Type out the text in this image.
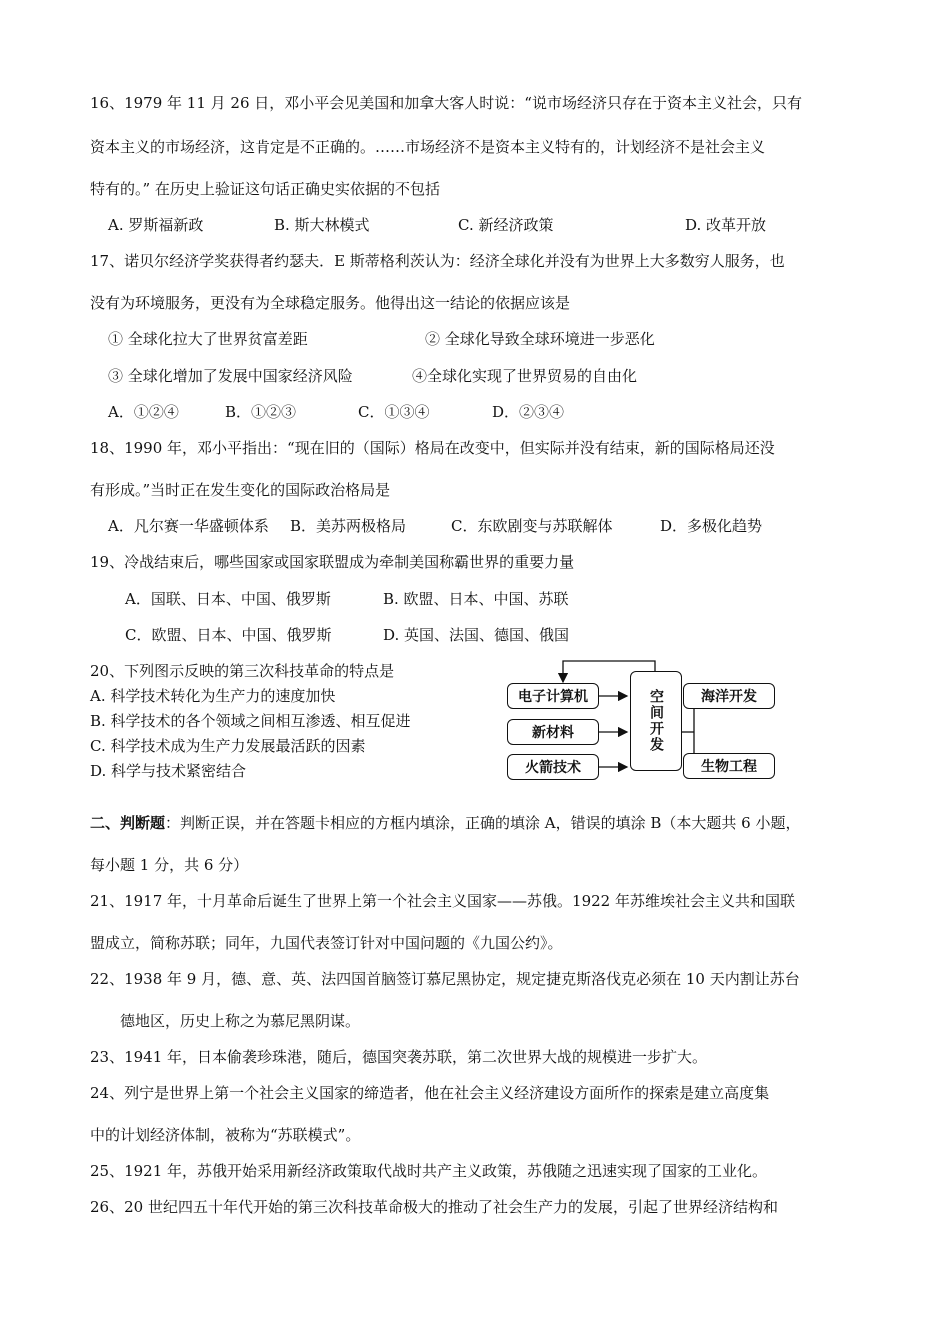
16、1979 年 11 月 26 日，邓小平会见美国和加拿大客人时说：“说市场经济只存在于资本主义社会，只有
资本主义的市场经济，这肯定是不正确的。……市场经济不是资本主义特有的，计划经济不是社会主义
特有的。” 在历史上验证这句话正确史实依据的不包括
A. 罗斯福新政	B. 斯大林模式	C. 新经济政策	D. 改革开放
17、诺贝尔经济学奖获得者约瑟夫．E 斯蒂格利茨认为：经济全球化并没有为世界上大多数穷人服务，也
没有为环境服务，更没有为全球稳定服务。他得出这一结论的依据应该是
① 全球化拉大了世界贫富差距	② 全球化导致全球环境进一步恶化
③ 全球化增加了发展中国家经济风险	④全球化实现了世界贸易的自由化
A．①②④	B．①②③	C．①③④	D．②③④
18、1990 年，邓小平指出：“现在旧的（国际）格局在改变中，但实际并没有结束，新的国际格局还没
有形成。”当时正在发生变化的国际政治格局是
A．凡尔赛一华盛顿体系 B．美苏两极格局	C．东欧剧变与苏联解体	D．多极化趋势
19、冷战结束后，哪些国家或国家联盟成为牵制美国称霸世界的重要力量
A．国联、日本、中国、俄罗斯	B. 欧盟、日本、中国、苏联
C．欧盟、日本、中国、俄罗斯	D. 英国、法国、德国、俄国
20、下列图示反映的第三次科技革命的特点是
A. 科学技术转化为生产力的速度加快
B. 科学技术的各个领域之间相互渗透、相互促进
C. 科学技术成为生产力发展最活跃的因素
D. 科学与技术紧密结合
电子计算机
新材料
火箭技术
空间开发	海洋开发
生物工程
二、判断题：判断正误，并在答题卡相应的方框内填涂，正确的填涂 A，错误的填涂 B（本大题共 6 小题，
每小题 1 分，共 6 分）
21、1917 年，十月革命后诞生了世界上第一个社会主义国家——苏俄。1922 年苏维埃社会主义共和国联
盟成立，简称苏联；同年，九国代表签订针对中国问题的《九国公约》。
22、1938 年 9 月，德、意、英、法四国首脑签订慕尼黑协定，规定捷克斯洛伐克必须在 10 天内割让苏台
德地区，历史上称之为慕尼黑阴谋。
23、1941 年，日本偷袭珍珠港，随后，德国突袭苏联，第二次世界大战的规模进一步扩大。
24、列宁是世界上第一个社会主义国家的缔造者，他在社会主义经济建设方面所作的探索是建立高度集
中的计划经济体制，被称为“苏联模式”。
25、1921 年，苏俄开始采用新经济政策取代战时共产主义政策，苏俄随之迅速实现了国家的工业化。
26、20 世纪四五十年代开始的第三次科技革命极大的推动了社会生产力的发展，引起了世界经济结构和
